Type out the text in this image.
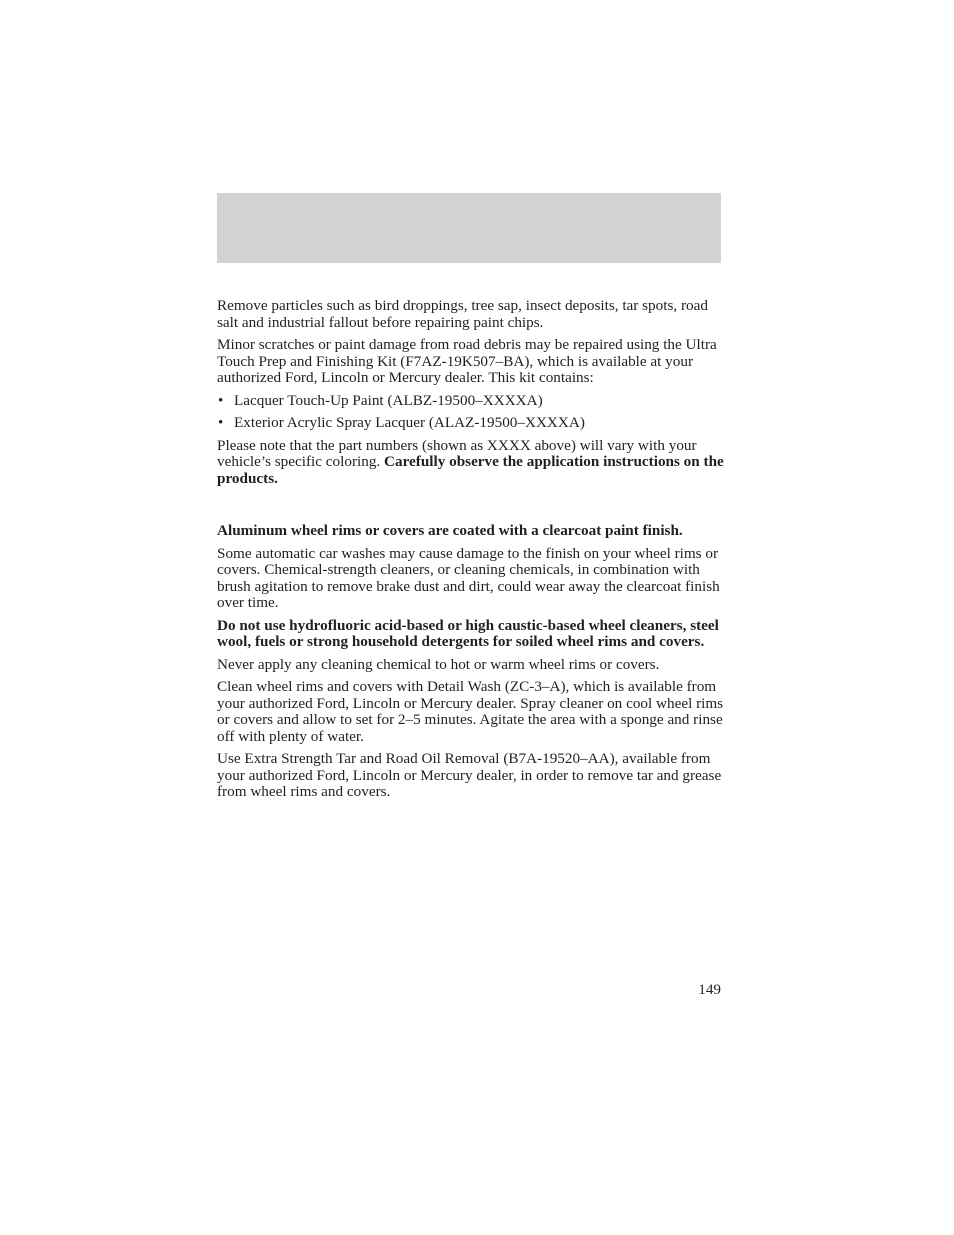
Remove particles such as bird droppings, tree sap, insect deposits, tar spots, road salt and industrial fallout before repairing paint chips.

Minor scratches or paint damage from road debris may be repaired using the Ultra Touch Prep and Finishing Kit (F7AZ-19K507–BA), which is available at your authorized Ford, Lincoln or Mercury dealer. This kit contains:

• Lacquer Touch-Up Paint (ALBZ-19500–XXXXA)
• Exterior Acrylic Spray Lacquer (ALAZ-19500–XXXXA)

Please note that the part numbers (shown as XXXX above) will vary with your vehicle’s specific coloring. Carefully observe the application instructions on the products.

Aluminum wheel rims or covers are coated with a clearcoat paint finish.

Some automatic car washes may cause damage to the finish on your wheel rims or covers. Chemical-strength cleaners, or cleaning chemicals, in combination with brush agitation to remove brake dust and dirt, could wear away the clearcoat finish over time.

Do not use hydrofluoric acid-based or high caustic-based wheel cleaners, steel wool, fuels or strong household detergents for soiled wheel rims and covers.

Never apply any cleaning chemical to hot or warm wheel rims or covers.

Clean wheel rims and covers with Detail Wash (ZC-3–A), which is available from your authorized Ford, Lincoln or Mercury dealer. Spray cleaner on cool wheel rims or covers and allow to set for 2–5 minutes. Agitate the area with a sponge and rinse off with plenty of water.

Use Extra Strength Tar and Road Oil Removal (B7A-19520–AA), available from your authorized Ford, Lincoln or Mercury dealer, in order to remove tar and grease from wheel rims and covers.

149
